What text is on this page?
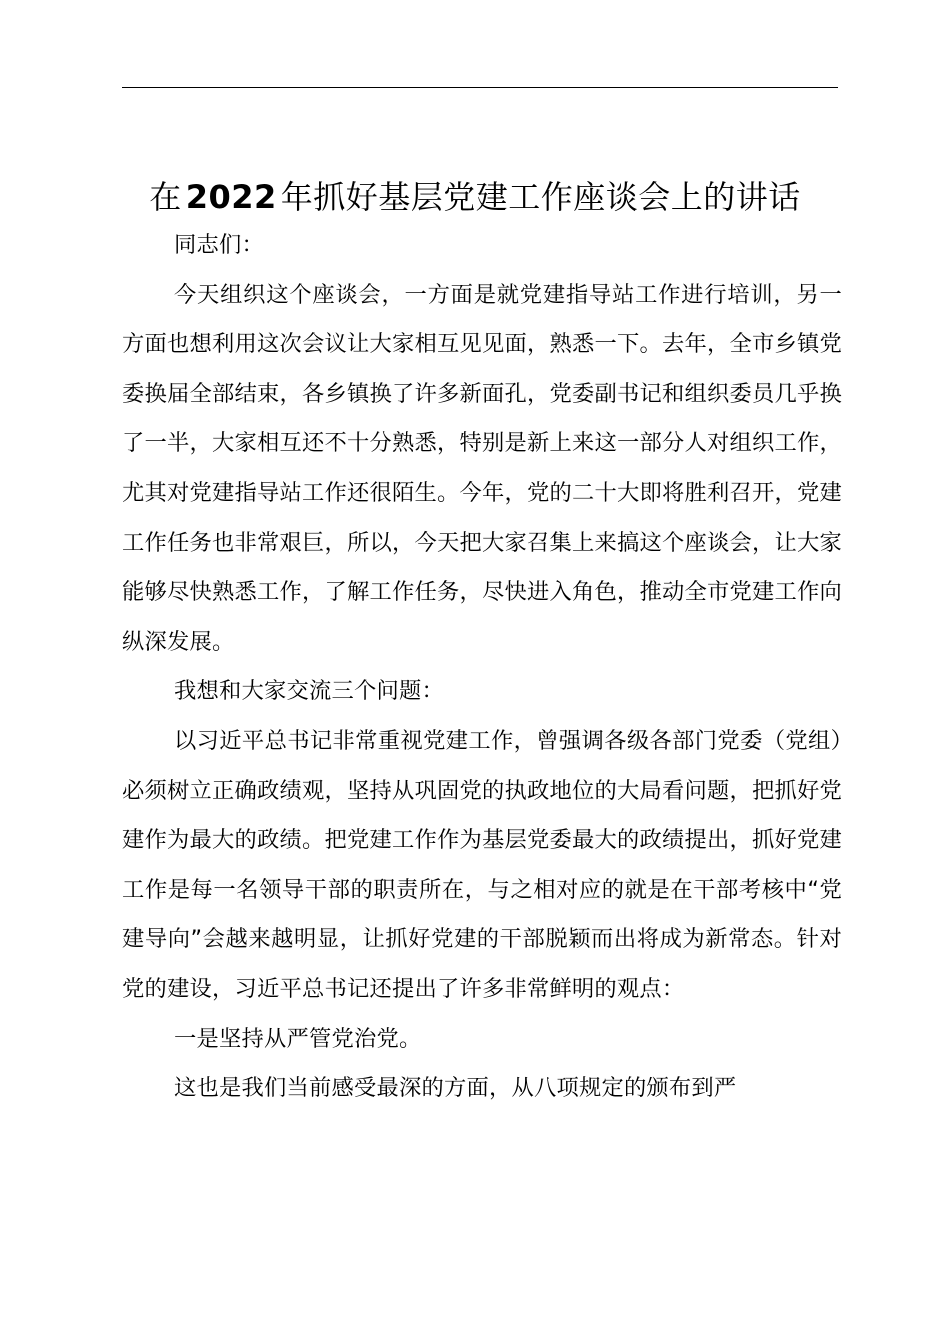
在 2022 年抓好基层党建工作座谈会上的讲话

同志们：

今天组织这个座谈会，一方面是就党建指导站工作进行培训，另一方面也想利用这次会议让大家相互见见面，熟悉一下。去年，全市乡镇党委换届全部结束，各乡镇换了许多新面孔，党委副书记和组织委员几乎换了一半，大家相互还不十分熟悉，特别是新上来这一部分人对组织工作，尤其对党建指导站工作还很陌生。今年，党的二十大即将胜利召开，党建工作任务也非常艰巨，所以，今天把大家召集上来搞这个座谈会，让大家能够尽快熟悉工作，了解工作任务，尽快进入角色，推动全市党建工作向纵深发展。

我想和大家交流三个问题：

以习近平总书记非常重视党建工作，曾强调各级各部门党委（党组）必须树立正确政绩观，坚持从巩固党的执政地位的大局看问题，把抓好党建作为最大的政绩。把党建工作作为基层党委最大的政绩提出，抓好党建工作是每一名领导干部的职责所在，与之相对应的就是在干部考核中“党建导向”会越来越明显，让抓好党建的干部脱颖而出将成为新常态。针对党的建设，习近平总书记还提出了许多非常鲜明的观点：

一是坚持从严管党治党。

这也是我们当前感受最深的方面，从八项规定的颁布到严
